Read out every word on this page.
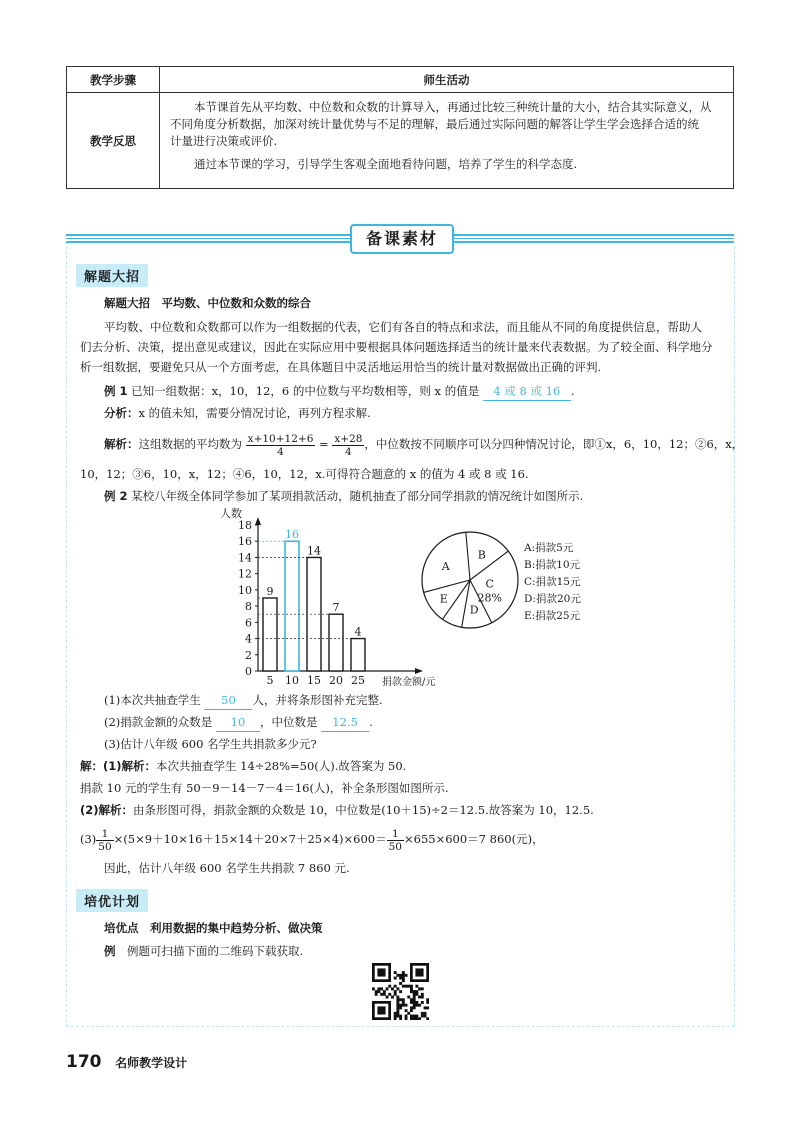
教学步骤	师生活动
教学反思	本节课首先从平均数、中位数和众数的计算导入，再通过比较三种统计量的大小，结合其实际意义，从
不同角度分析数据，加深对统计量优势与不足的理解，最后通过实际问题的解答让学生学会选择合适的统
计量进行决策或评价.
通过本节课的学习，引导学生客观全面地看待问题，培养了学生的科学态度.
备课素材
解题大招
解题大招　平均数、中位数和众数的综合
平均数、中位数和众数都可以作为一组数据的代表，它们有各自的特点和求法，而且能从不同的角度提供信息，帮助人
们去分析、决策，提出意见或建议，因此在实际应用中要根据具体问题选择适当的统计量来代表数据。为了较全面、科学地分
析一组数据，要避免只从一个方面考虑，在具体题目中灵活地运用恰当的统计量对数据做出正确的评判.
例 1 已知一组数据：x，10，12，6 的中位数与平均数相等，则 x 的值是 4 或 8 或 16 .
分析：x 的值未知，需要分情况讨论，再列方程求解.
解析：这组数据的平均数为 $\frac{x+10+12+6}{4} = \frac{x+28}{4}$ ，中位数按不同顺序可以分四种情况讨论，即①x，6，10，12；②6，x，
10，12；③6，10，x，12；④6，10，12，x.可得符合题意的 x 的值为 4 或 8 或 16.
例 2 某校八年级全体同学参加了某项捐款活动，随机抽查了部分同学捐款的情况统计如图所示.
0
2
4
6
8
10
12
14
16
18
9
5
16
10
14
15
7
20
4
25
人数
捐款金额/元
A
B
C
28%
D
E
A:捐款5元
B:捐款10元
C:捐款15元
D:捐款20元
E:捐款25元
(1)本次共抽查学生 50 人，并将条形图补充完整.
(2)捐款金额的众数是 10 ，中位数是 12.5 .
(3)估计八年级 600 名学生共捐款多少元?
解：(1)解析：本次共抽查学生 14÷28%=50(人).故答案为 50.
捐款 10 元的学生有 50－9－14－7－4＝16(人)，补全条形图如图所示.
(2)解析：由条形图可得，捐款金额的众数是 10，中位数是(10＋15)÷2＝12.5.故答案为 10，12.5.
$(3) \frac{1}{50} \times(5\times 9+10\times 16+15\times 14+20\times 7+25\times 4)\times 600= \frac{1}{50} \times 655\times 600=7$ 860(元)，
因此，估计八年级 600 名学生共捐款 7 860 元.
培优计划
培优点　利用数据的集中趋势分析、做决策
例　 例题可扫描下面的二维码下载获取.
170 名师教学设计
